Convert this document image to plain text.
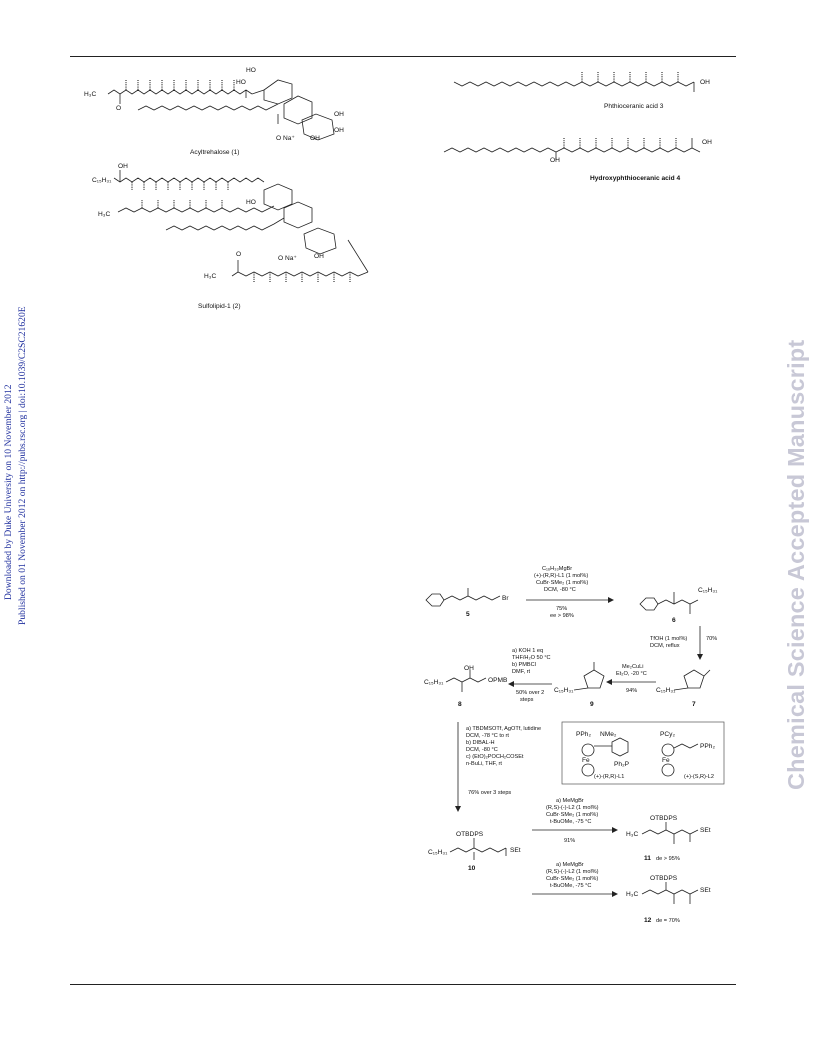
Downloaded by Duke University on 10 November 2012 Published on 01 November 2012 on http://pubs.rsc.org | doi:10.1039/C2SC21620E	Chemical Science Accepted Manuscript
H₃C
O
HO
HO
OH
OH
OH
O Na⁺
Acyltrehalose (1)
OH
C₁₅H₃₁
H₃C
HO
OH
O Na⁺
H₃C
O
Sulfolipid-1 (2)
OH
Phthioceranic acid 3
OH
OH
Hydroxyphthioceranic acid 4
Br
5
C₁₆H₃₃MgBr
(+)-(R,R)-L1 (1 mol%)
CuBr·SMe₂ (1 mol%)
DCM, -80 °C
75%
ee > 98%
C₁₅H₃₁
6
TfOH (1 mol%)
DCM, reflux
70%
C₁₅H₃₁
7
Me₂CuLi
Et₂O, -20 °C
94%
C₁₅H₃₁
9
a) KOH 1 eq
THF/H₂O 50 °C
b) PMBCl
DMF, rt
50% over 2
steps
C₁₅H₃₁
OH
OPMB
8
a) TBDMSOTf, AgOTf, lutidine
DCM, -78 °C to rt
b) DIBAL-H
DCM, -80 °C
c) (EtO)₂POCH₂COSEt
n-BuLi, THF, rt
76% over 3 steps
PPh₂ NMe₂
Ph₂P
Fe
(+)-(R,R)-L1
PCy₂
PPh₂
Fe
(+)-(S,R)-L2
C₁₅H₃₁
OTBDPS
SEt
10
a) MeMgBr
(R,S)-(-)-L2 (1 mol%)
CuBr·SMe₂ (1 mol%)
t-BuOMe, -75 °C
91%
H₃C
OTBDPS
SEt
11 de > 95%
a) MeMgBr
(R,S)-(-)-L2 (1 mol%)
CuBr·SMe₂ (1 mol%)
t-BuOMe, -75 °C
H₃C
OTBDPS
SEt
12 de = 70%
